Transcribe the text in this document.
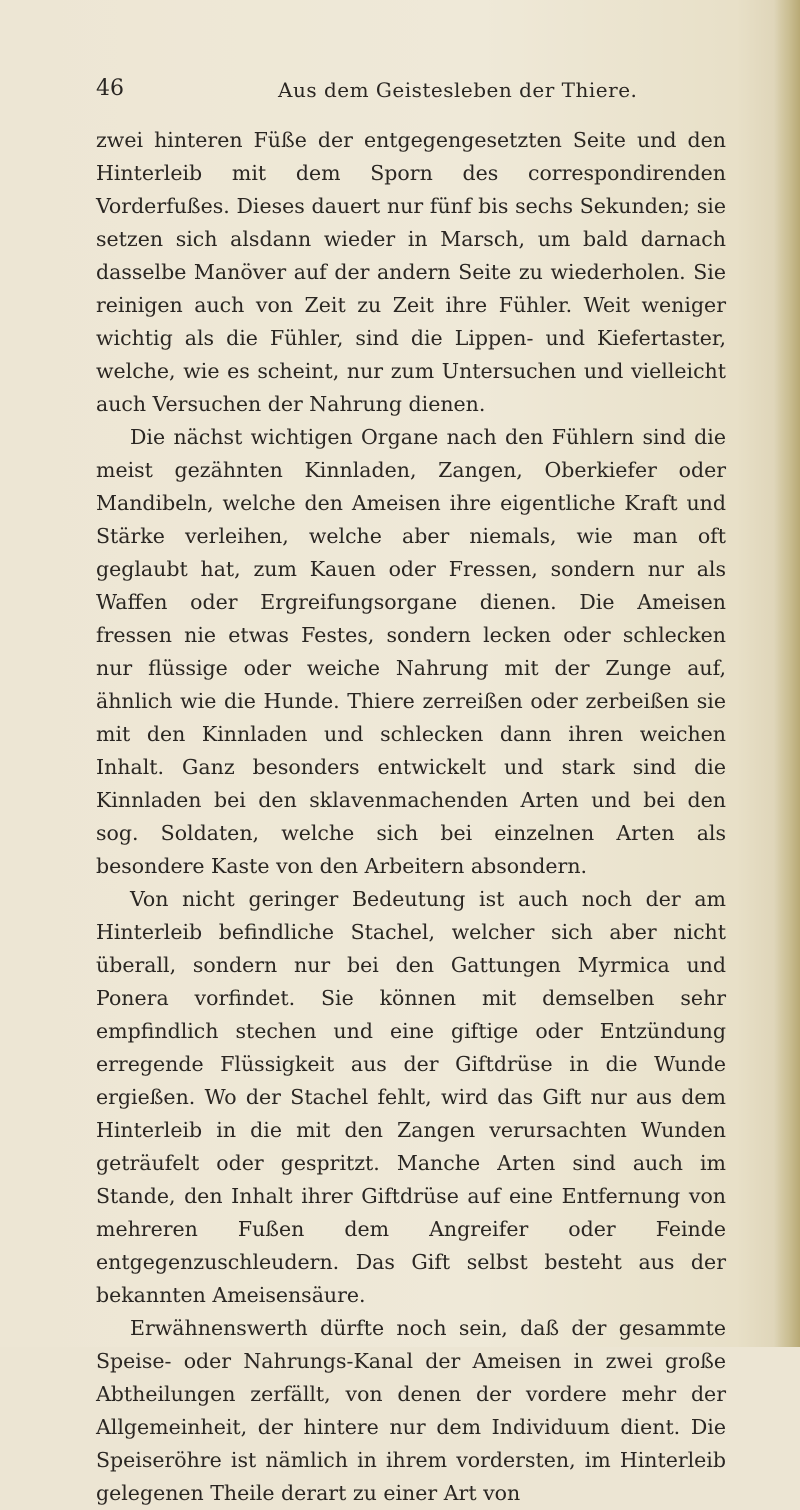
46	Aus dem Geistesleben der Thiere.

zwei hinteren Füße der entgegengesetzten Seite und den Hinterleib mit dem Sporn des correspondirenden Vorderfußes. Dieses dauert nur fünf bis sechs Sekunden; sie setzen sich alsdann wieder in Marsch, um bald darnach dasselbe Manöver auf der andern Seite zu wiederholen. Sie reinigen auch von Zeit zu Zeit ihre Fühler. Weit weniger wichtig als die Fühler, sind die Lippen- und Kiefertaster, welche, wie es scheint, nur zum Untersuchen und vielleicht auch Versuchen der Nahrung dienen.

Die nächst wichtigen Organe nach den Fühlern sind die meist gezähnten Kinnladen, Zangen, Oberkiefer oder Mandibeln, welche den Ameisen ihre eigentliche Kraft und Stärke verleihen, welche aber niemals, wie man oft geglaubt hat, zum Kauen oder Fressen, sondern nur als Waffen oder Ergreifungsorgane dienen. Die Ameisen fressen nie etwas Festes, sondern lecken oder schlecken nur flüssige oder weiche Nahrung mit der Zunge auf, ähnlich wie die Hunde. Thiere zerreißen oder zerbeißen sie mit den Kinnladen und schlecken dann ihren weichen Inhalt. Ganz besonders entwickelt und stark sind die Kinnladen bei den sklavenmachenden Arten und bei den sog. Soldaten, welche sich bei einzelnen Arten als besondere Kaste von den Arbeitern absondern.

Von nicht geringer Bedeutung ist auch noch der am Hinterleib befindliche Stachel, welcher sich aber nicht überall, sondern nur bei den Gattungen Myrmica und Ponera vorfindet. Sie können mit demselben sehr empfindlich stechen und eine giftige oder Entzündung erregende Flüssigkeit aus der Giftdrüse in die Wunde ergießen. Wo der Stachel fehlt, wird das Gift nur aus dem Hinterleib in die mit den Zangen verursachten Wunden geträufelt oder gespritzt. Manche Arten sind auch im Stande, den Inhalt ihrer Giftdrüse auf eine Entfernung von mehreren Fußen dem Angreifer oder Feinde entgegenzuschleudern. Das Gift selbst besteht aus der bekannten Ameisensäure.

Erwähnenswerth dürfte noch sein, daß der gesammte Speise- oder Nahrungs-Kanal der Ameisen in zwei große Abtheilungen zerfällt, von denen der vordere mehr der Allgemeinheit, der hintere nur dem Individuum dient. Die Speiseröhre ist nämlich in ihrem vordersten, im Hinterleib gelegenen Theile derart zu einer Art von
